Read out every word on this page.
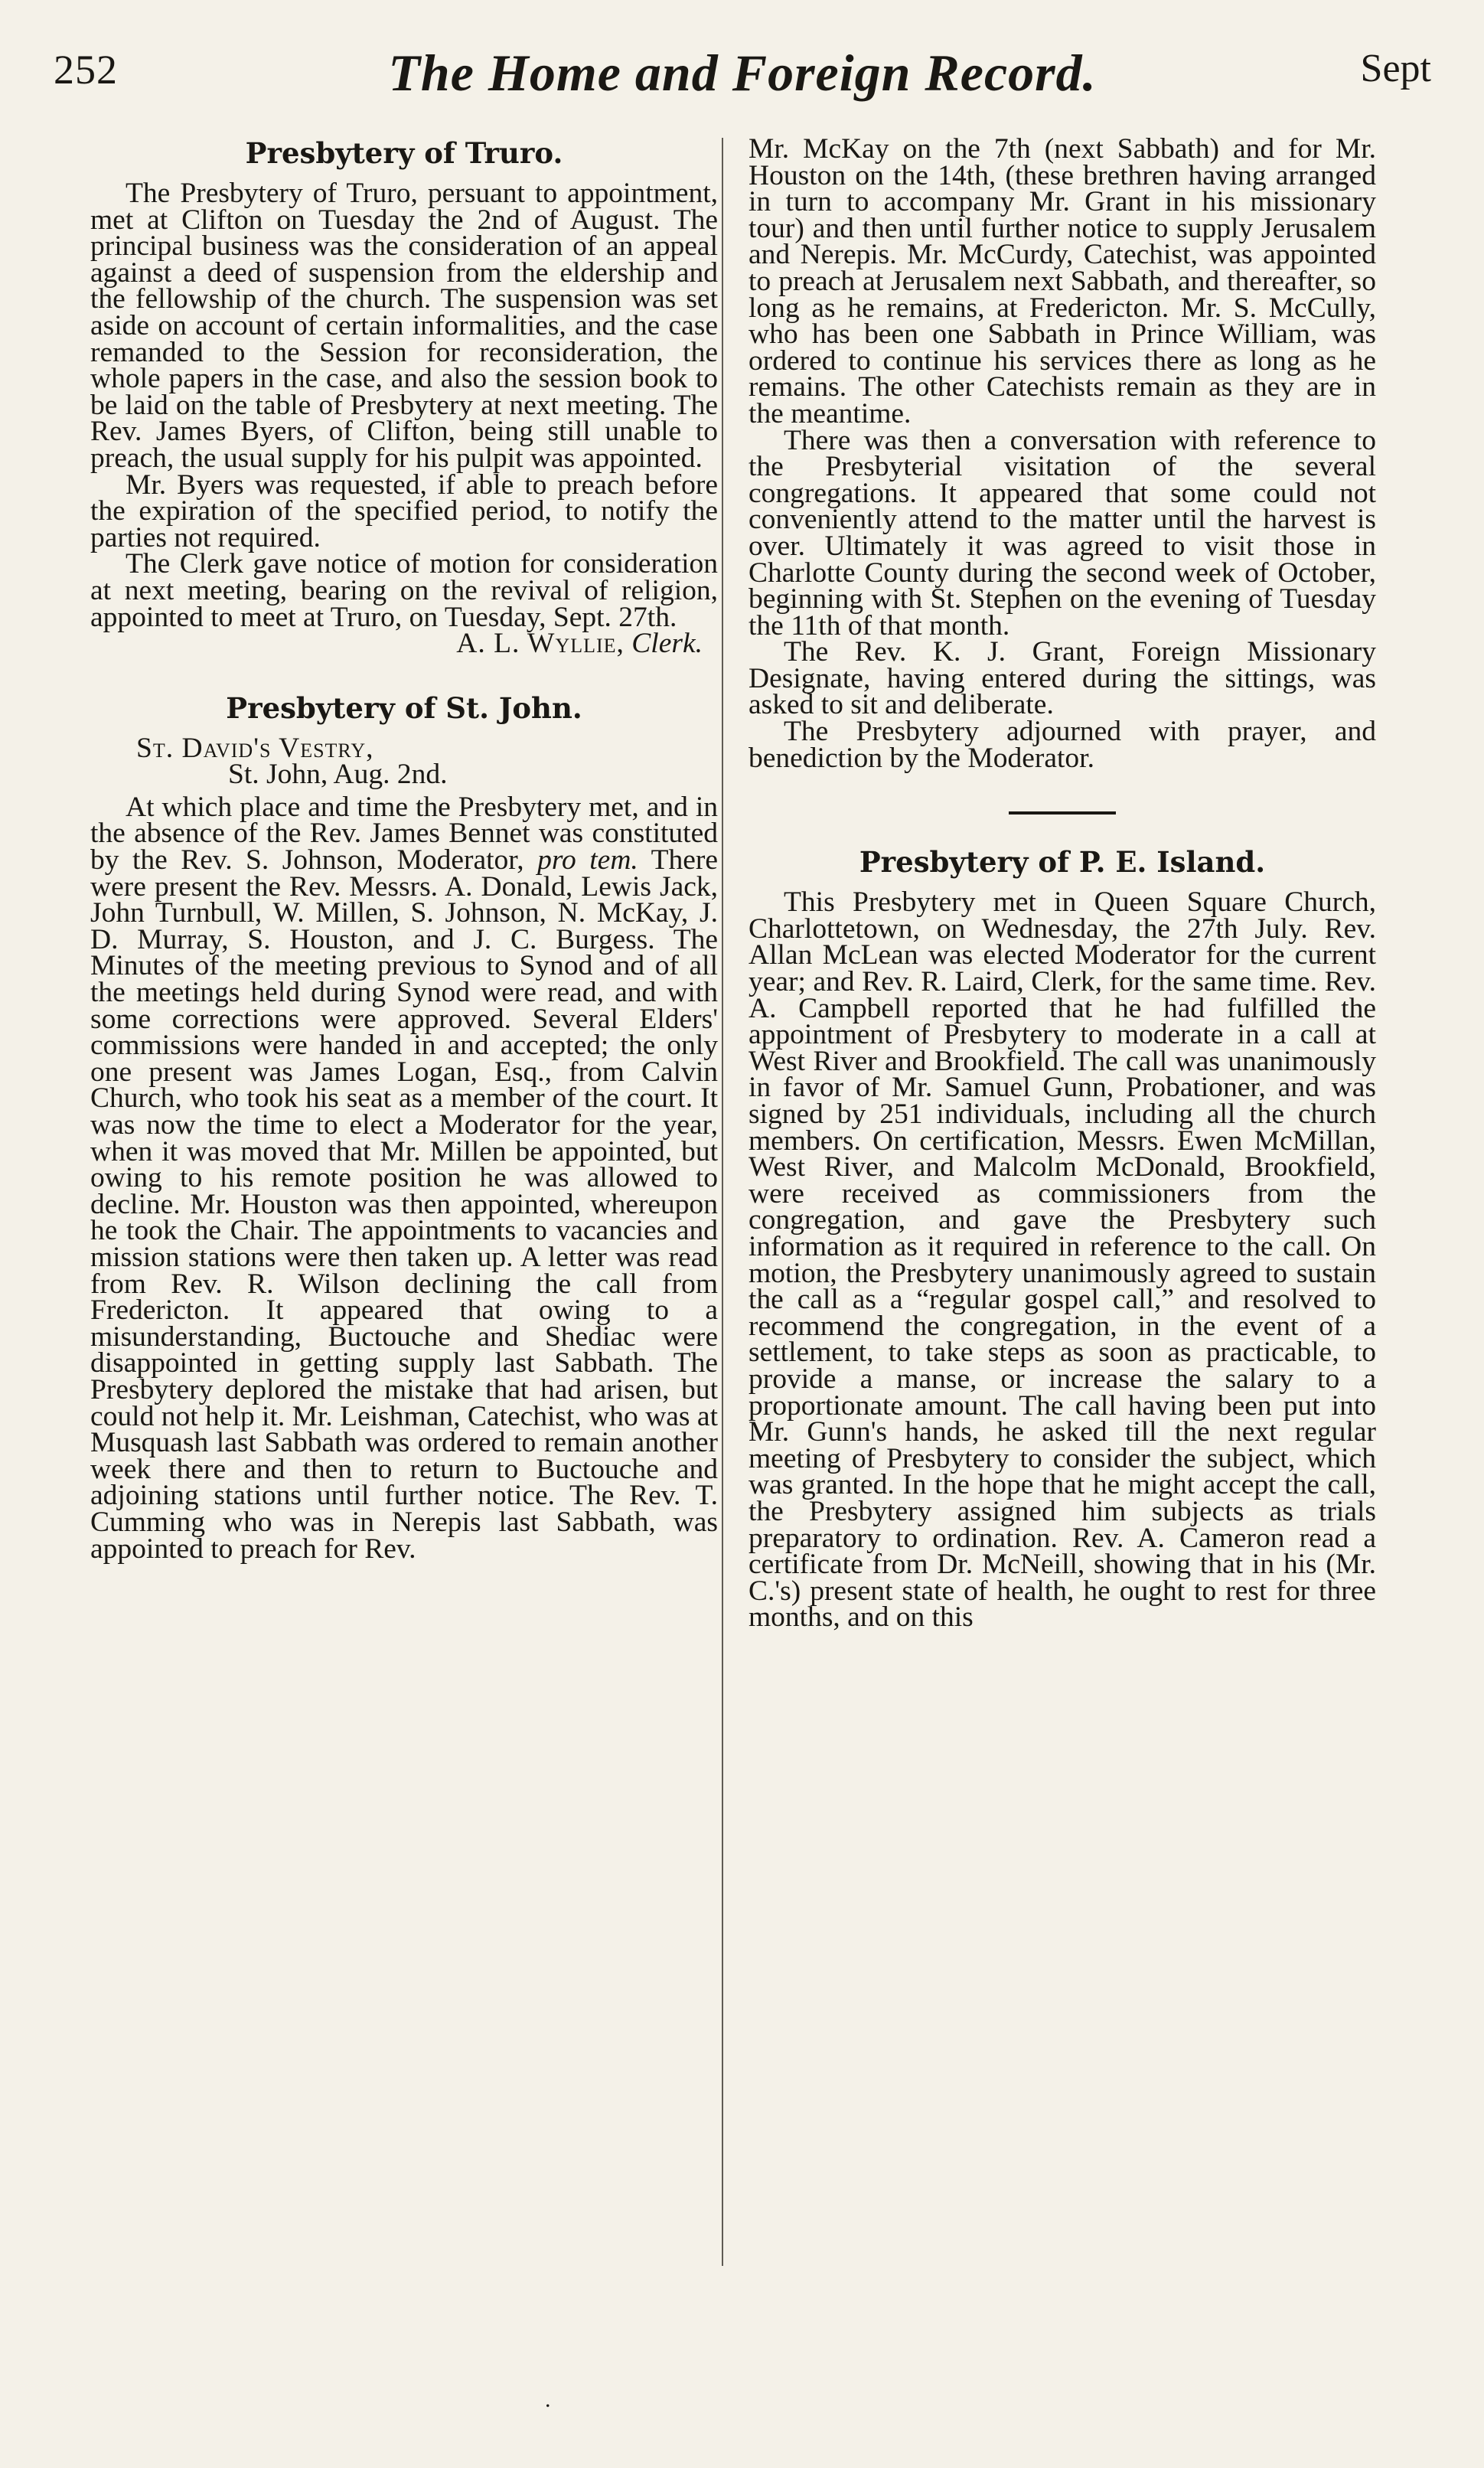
252	The Home and Foreign Record.	Sept
Presbytery of Truro.

The Presbytery of Truro, persuant to appointment, met at Clifton on Tuesday the 2nd of August. The principal business was the consideration of an appeal against a deed of suspension from the eldership and the fellowship of the church. The suspension was set aside on account of certain informalities, and the case remanded to the Session for reconsideration, the whole papers in the case, and also the session book to be laid on the table of Presbytery at next meeting. The Rev. James Byers, of Clifton, being still unable to preach, the usual supply for his pulpit was appointed.

Mr. Byers was requested, if able to preach before the expiration of the specified period, to notify the parties not required.

The Clerk gave notice of motion for consideration at next meeting, bearing on the revival of religion, appointed to meet at Truro, on Tuesday, Sept. 27th.

A. L. Wyllie, Clerk.
Presbytery of St. John.
St. David's Vestry,
St. John, Aug. 2nd.

At which place and time the Presbytery met, and in the absence of the Rev. James Bennet was constituted by the Rev. S. Johnson, Moderator, pro tem. There were present the Rev. Messrs. A. Donald, Lewis Jack, John Turnbull, W. Millen, S. Johnson, N. McKay, J. D. Murray, S. Houston, and J. C. Burgess. The Minutes of the meeting previous to Synod and of all the meetings held during Synod were read, and with some corrections were approved. Several Elders' commissions were handed in and accepted; the only one present was James Logan, Esq., from Calvin Church, who took his seat as a member of the court. It was now the time to elect a Moderator for the year, when it was moved that Mr. Millen be appointed, but owing to his remote position he was allowed to decline. Mr. Houston was then appointed, whereupon he took the Chair. The appointments to vacancies and mission stations were then taken up. A letter was read from Rev. R. Wilson declining the call from Fredericton. It appeared that owing to a misunderstanding, Buctouche and Shediac were disappointed in getting supply last Sabbath. The Presbytery deplored the mistake that had arisen, but could not help it. Mr. Leishman, Catechist, who was at Musquash last Sabbath was ordered to remain another week there and then to return to Buctouche and adjoining stations until further notice. The Rev. T. Cumming who was in Nerepis last Sabbath, was appointed to preach for Rev.

Mr. McKay on the 7th (next Sabbath) and for Mr. Houston on the 14th, (these brethren having arranged in turn to accompany Mr. Grant in his missionary tour) and then until further notice to supply Jerusalem and Nerepis. Mr. McCurdy, Catechist, was appointed to preach at Jerusalem next Sabbath, and thereafter, so long as he remains, at Fredericton. Mr. S. McCully, who has been one Sabbath in Prince William, was ordered to continue his services there as long as he remains. The other Catechists remain as they are in the meantime.

There was then a conversation with reference to the Presbyterial visitation of the several congregations. It appeared that some could not conveniently attend to the matter until the harvest is over. Ultimately it was agreed to visit those in Charlotte County during the second week of October, beginning with St. Stephen on the evening of Tuesday the 11th of that month.

The Rev. K. J. Grant, Foreign Missionary Designate, having entered during the sittings, was asked to sit and deliberate.

The Presbytery adjourned with prayer, and benediction by the Moderator.

Presbytery of P. E. Island.

This Presbytery met in Queen Square Church, Charlottetown, on Wednesday, the 27th July. Rev. Allan McLean was elected Moderator for the current year; and Rev. R. Laird, Clerk, for the same time. Rev. A. Campbell reported that he had fulfilled the appointment of Presbytery to moderate in a call at West River and Brookfield. The call was unanimously in favor of Mr. Samuel Gunn, Probationer, and was signed by 251 individuals, including all the church members. On certification, Messrs. Ewen McMillan, West River, and Malcolm McDonald, Brookfield, were received as commissioners from the congregation, and gave the Presbytery such information as it required in reference to the call. On motion, the Presbytery unanimously agreed to sustain the call as a “regular gospel call,” and resolved to recommend the congregation, in the event of a settlement, to take steps as soon as practicable, to provide a manse, or increase the salary to a proportionate amount. The call having been put into Mr. Gunn's hands, he asked till the next regular meeting of Presbytery to consider the subject, which was granted. In the hope that he might accept the call, the Presbytery assigned him subjects as trials preparatory to ordination. Rev. A. Cameron read a certificate from Dr. McNeill, showing that in his (Mr. C.'s) present state of health, he ought to rest for three months, and on this

.
